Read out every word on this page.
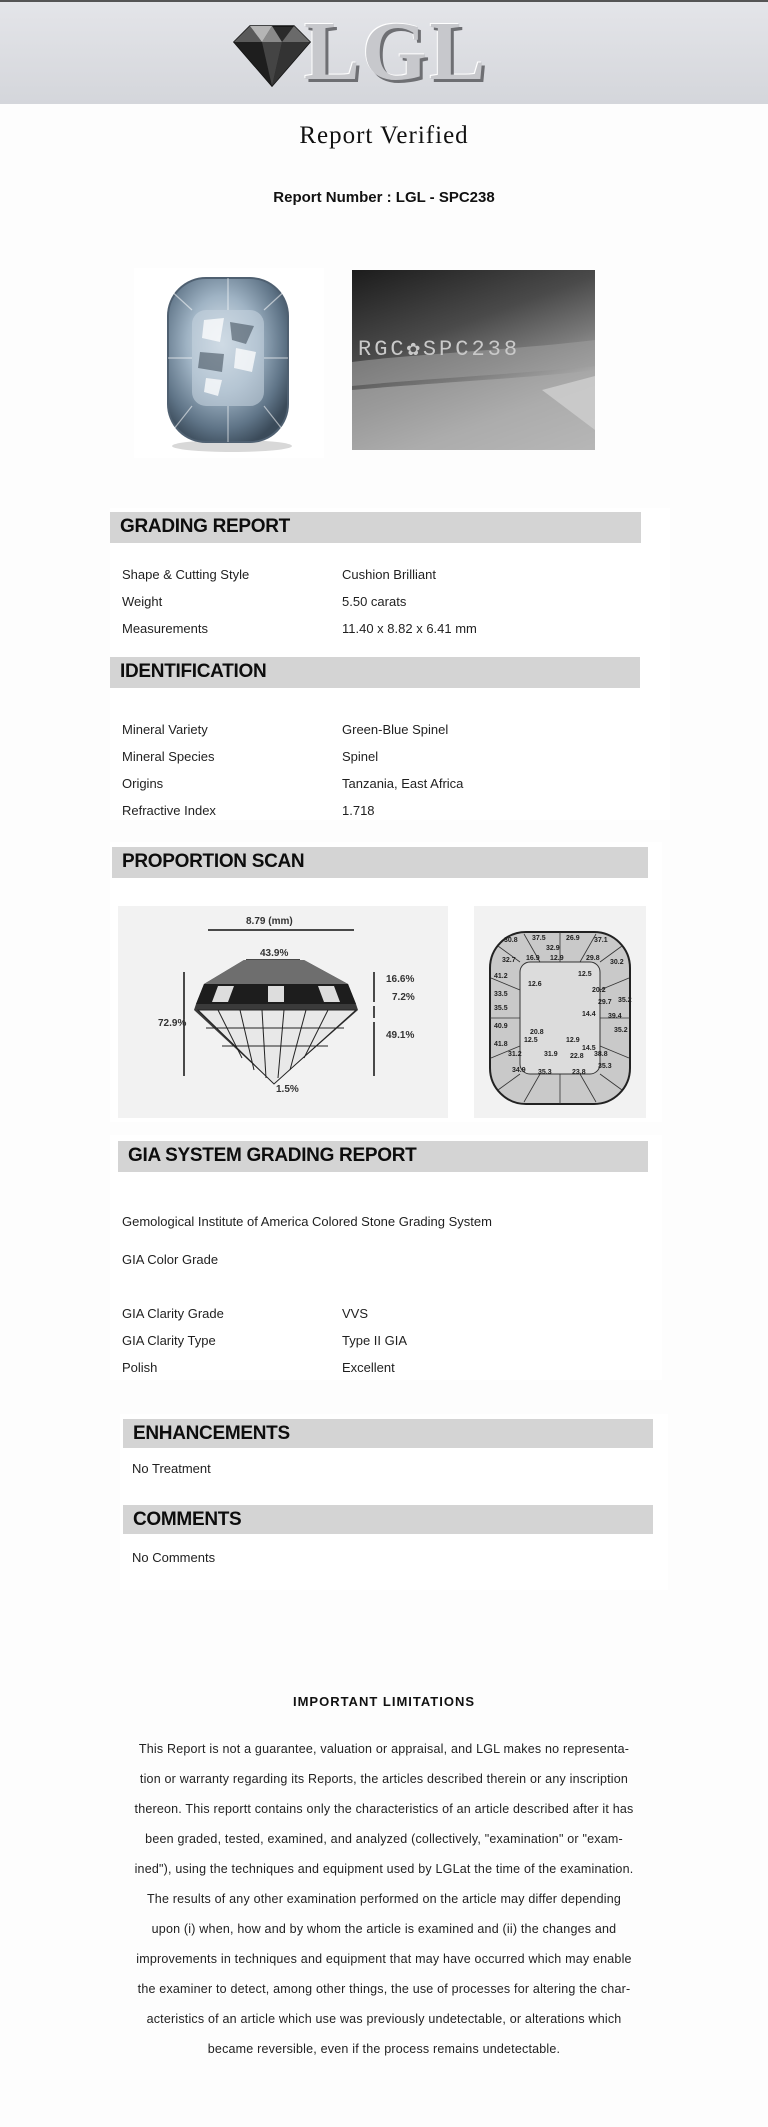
LGL
Report Verified
Report Number : LGL - SPC238
RGC✿SPC238
GRADING REPORT
Shape & Cutting Style	Cushion Brilliant
Weight	5.50 carats
Measurements	11.40 x 8.82 x 6.41 mm
IDENTIFICATION
Mineral Variety	Green-Blue Spinel
Mineral Species	Spinel
Origins	Tanzania, East Africa
Refractive Index	1.718
PROPORTION SCAN
8.79 (mm)
43.9%
72.9%
16.6%
7.2%
49.1%
1.5%
30.8 37.5	26.9 37.1
32.9
32.7 16.9 12.9	29.8
30.2
41.2	12.5
33.5
12.6
20.2
29.7
35.5
14.4 39.4
35.2
40.9
20.8	35.2
12.5	12.9
41.8
31.2
14.5
38.8
31.9 22.8
35.3
34.9 35.3	23.8
GIA SYSTEM GRADING REPORT
Gemological Institute of America Colored Stone Grading System
GIA Color Grade
GIA Clarity Grade	VVS
GIA Clarity Type	Type II GIA
Polish	Excellent
ENHANCEMENTS
No Treatment
COMMENTS
No Comments
IMPORTANT LIMITATIONS
This Report is not a guarantee, valuation or appraisal, and LGL makes no representa-
tion or warranty regarding its Reports, the articles described therein or any inscription
thereon. This reportt contains only the characteristics of an article described after it has
been graded, tested, examined, and analyzed (collectively, "examination" or "exam-
ined"), using the techniques and equipment used by LGLat the time of the examination.
The results of any other examination performed on the article may differ depending
upon (i) when, how and by whom the article is examined and (ii) the changes and
improvements in techniques and equipment that may have occurred which may enable
the examiner to detect, among other things, the use of processes for altering the char-
acteristics of an article which use was previously undetectable, or alterations which
became reversible, even if the process remains undetectable.
